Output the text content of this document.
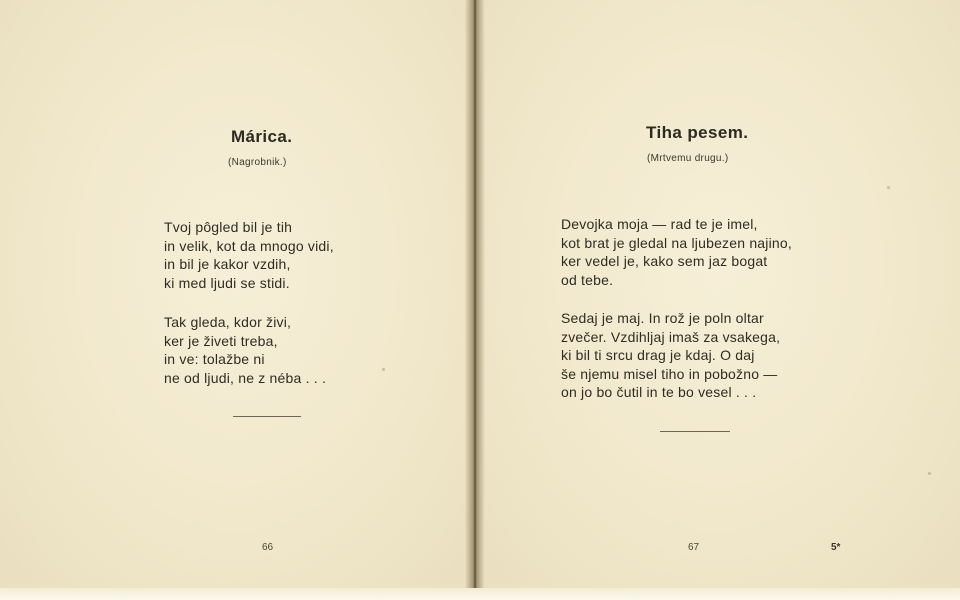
Márica.

(Nagrobnik.)

Tvoj pôgled bil je tih
in velik, kot da mnogo vidi,
in bil je kakor vzdih,
ki med ljudi se stidi.

Tak gleda, kdor živi,
ker je živeti treba,
in ve: tolažbe ni
ne od ljudi, ne z néba . . .

66

Tiha pesem.

(Mrtvemu drugu.)

Devojka moja — rad te je imel,
kot brat je gledal na ljubezen najino,
ker vedel je, kako sem jaz bogat
od tebe.

Sedaj je maj. In rož je poln oltar
zvečer. Vzdihljaj imaš za vsakega,
ki bil ti srcu drag je kdaj. O daj
še njemu misel tiho in pobožno —
on jo bo čutil in te bo vesel . . .

67	5*
